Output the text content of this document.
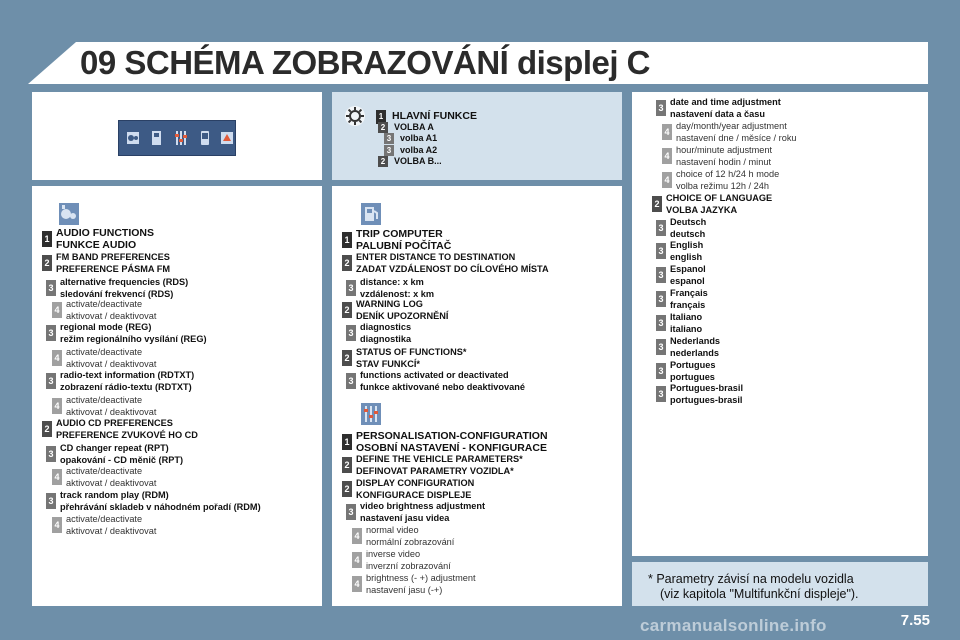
09 SCHÉMA ZOBRAZOVÁNÍ displej C
1 HLAVNÍ FUNKCE
2 VOLBA A
3 volba A1
3 volba A2
2 VOLBA B...
1 AUDIO FUNCTIONS
FUNKCE AUDIO
2
FM BAND PREFERENCES
PREFERENCE PÁSMA FM
3
alternative frequencies (RDS)
sledování frekvencí (RDS)
4
activate/deactivate
aktivovat / deaktivovat
3
regional mode (REG)
režim regionálního vysílání (REG)
4
activate/deactivate
aktivovat / deaktivovat
3
radio-text information (RDTXT)
zobrazení rádio-textu (RDTXT)
4
activate/deactivate
aktivovat / deaktivovat
2
AUDIO CD PREFERENCES
PREFERENCE ZVUKOVÉ HO CD
3
CD changer repeat (RPT)
opakování - CD měnič (RPT)
4
activate/deactivate
aktivovat / deaktivovat
3
track random play (RDM)
přehrávání skladeb v náhodném pořadí (RDM)
4
activate/deactivate
aktivovat / deaktivovat
1 TRIP COMPUTER
PALUBNÍ POČÍTAČ
2
ENTER DISTANCE TO DESTINATION
ZADAT VZDÁLENOST DO CÍLOVÉHO MÍSTA
3
distance: x km
vzdálenost: x km
2
WARNING LOG
DENÍK UPOZORNĚNÍ
3
diagnostics
diagnostika
2
STATUS OF FUNCTIONS*
STAV FUNKCÍ*
3
functions activated or deactivated
funkce aktivované nebo deaktivované
1 PERSONALISATION-CONFIGURATION
OSOBNÍ NASTAVENÍ - KONFIGURACE
2
DEFINE THE VEHICLE PARAMETERS*
DEFINOVAT PARAMETRY VOZIDLA*
2
DISPLAY CONFIGURATION
KONFIGURACE DISPLEJE
3
video brightness adjustment
nastavení jasu videa
4
normal video
normální zobrazování
4
inverse video
inverzní zobrazování
4
brightness (- +) adjustment
nastavení jasu (-+)
3
date and time adjustment
nastavení data a času
4
day/month/year adjustment
nastavení dne / měsíce / roku
4
hour/minute adjustment
nastavení hodin / minut
4
choice of 12 h/24 h mode
volba režimu 12h / 24h
2
CHOICE OF LANGUAGE
VOLBA JAZYKA
3
Deutsch
deutsch
3
English
english
3
Espanol
espanol
3
Français
français
3
Italiano
italiano
3
Nederlands
nederlands
3
Portugues
portugues
3
Portugues-brasil
portugues-brasil
* Parametry závisí na modelu vozidla
(viz kapitola "Multifunkční displeje").
carmanualsonline.info	7.55
